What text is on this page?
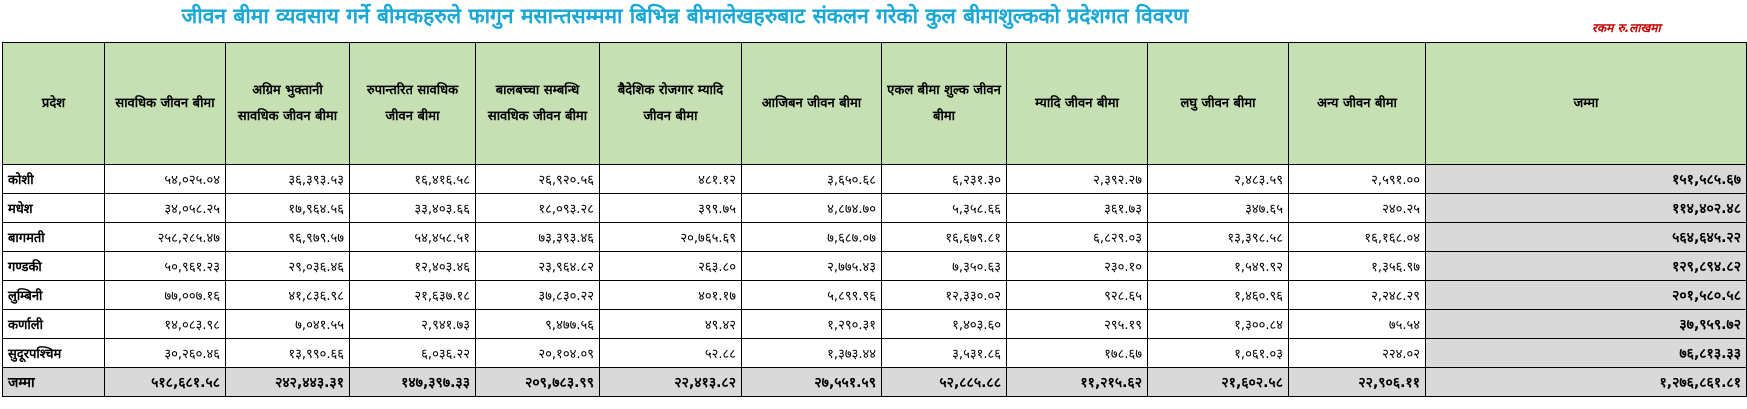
जीवन बीमा व्यवसाय गर्ने बीमकहरुले फागुन मसान्तसम्ममा बिभिन्न बीमालेखहरुबाट संकलन गरेको कुल बीमाशुल्कको प्रदेशगत विवरण	रकम रु.लाखमा
प्रदेश	सावधिक जीवन बीमा	अग्रिम भुक्तानी सावधिक जीवन बीमा	रुपान्तरित सावधिक जीवन बीमा	बालबच्चा सम्बन्धि सावधिक जीवन बीमा	बैदेशिक रोजगार म्यादि जीवन बीमा	आजिबन जीवन बीमा	एकल बीमा शुल्क जीवन बीमा	म्यादि जीवन बीमा	लघु जीवन बीमा	अन्य जीवन बीमा	जम्मा
कोशी	५४,०२५.०४	३६,३९३.५३	१६,४१६.५८	२६,९२०.५६	४८१.१२	३,६५०.६८	६,२३१.३०	२,३९२.२७	२,४८३.५९	२,५९१.००	१५१,५८५.६७
मधेश	३४,०५८.२५	१७,९६४.५६	३३,४०३.६६	१८,०९३.२८	३९९.७५	४,८७४.७०	५,३५८.६६	३६१.७३	३४७.६५	२४०.२५	११४,४०२.४८
बागमती	२५८,२८५.४७	९६,९७९.५७	५४,४५८.५१	७३,३९३.४६	२०,७६५.६९	७,६८७.०७	१६,६७९.८१	६,८२९.०३	१३,३९८.५८	१६,१६८.०४	५६४,६४५.२२
गण्डकी	५०,९६१.२३	२९,०३६.४६	१२,४०३.४६	२३,९६४.८२	२६३.८०	२,७७५.४३	७,३५०.६३	२३०.१०	१,५४९.९२	१,३५६.९७	१२९,८९४.८२
लुम्बिनी	७७,००७.१६	४१,८३६.९८	२१,६३७.१८	३७,८३०.२२	४०१.१७	५,८९९.९६	१२,३३०.०२	९२८.६५	१,४६०.९६	२,२४८.२९	२०१,५८०.५८
कर्णाली	१४,०८३.९८	७,०४१.५५	२,९४१.७३	९,४७७.५६	४९.४२	१,२९०.३१	१,४०३.६०	२९५.१९	१,३००.८४	७५.५४	३७,९५९.७२
सुदूरपश्चिम	३०,२६०.४६	१३,९९०.६६	६,०३६.२२	२०,१०४.०९	५२.८८	१,३७३.४४	३,५३१.८६	१७८.६७	१,०६१.०३	२२४.०२	७६,८१३.३३
जम्मा	५१८,६८१.५८	२४२,४४३.३१	१४७,३९७.३३	२०९,७८३.९९	२२,४१३.८२	२७,५५१.५९	५२,८८५.८८	११,२१५.६२	२१,६०२.५८	२२,९०६.११	१,२७६,८६१.८१
